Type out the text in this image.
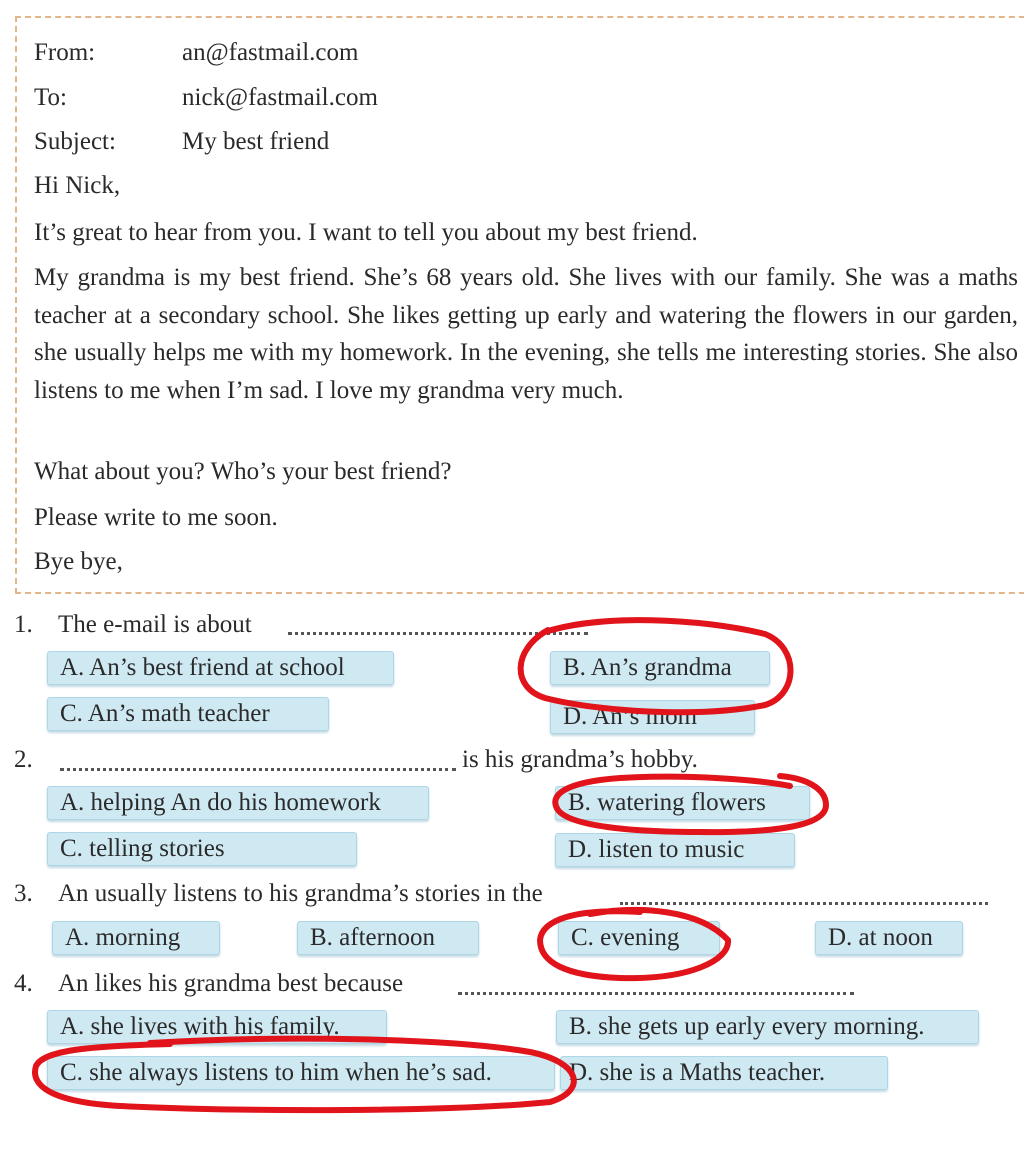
From:	an@fastmail.com
To:	nick@fastmail.com
Subject:	My best friend
Hi Nick,
It’s great to hear from you. I want to tell you about my best friend.

My grandma is my best friend. She’s 68 years old. She lives with our family. She was a maths teacher at a secondary school. She likes getting up early and watering the flowers in our garden, she usually helps me with my homework. In the evening, she tells me interesting stories. She also listens to me when I’m sad. I love my grandma very much.

What about you? Who’s your best friend?
Please write to me soon.
Bye bye,
1. The e-mail is about
A. An’s best friend at school	B. An’s grandma
C. An’s math teacher	D. An’s mom
2.	is his grandma’s hobby.
A. helping An do his homework	B. watering flowers
C. telling stories	D. listen to music
3. An usually listens to his grandma’s stories in the
A. morning	B. afternoon	C. evening	D. at noon
4. An likes his grandma best because
A. she lives with his family.	B. she gets up early every morning.
C. she always listens to him when he’s sad.	D. she is a Maths teacher.
